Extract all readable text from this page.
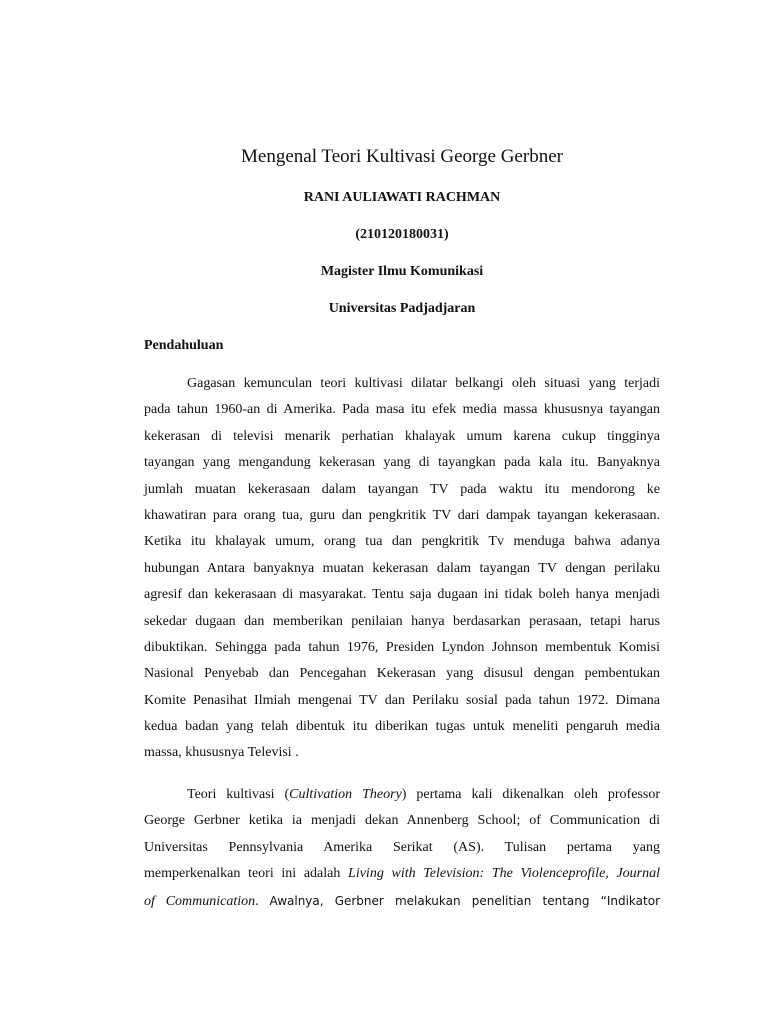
Mengenal Teori Kultivasi George Gerbner

RANI AULIAWATI RACHMAN

(210120180031)

Magister Ilmu Komunikasi

Universitas Padjadjaran

Pendahuluan

Gagasan kemunculan teori kultivasi dilatar belkangi oleh situasi yang terjadi
pada tahun 1960-an di Amerika. Pada masa itu efek media massa khususnya tayangan
kekerasan di televisi menarik perhatian khalayak umum karena cukup tingginya
tayangan yang mengandung kekerasan yang di tayangkan pada kala itu. Banyaknya
jumlah muatan kekerasaan dalam tayangan TV pada waktu itu mendorong ke
khawatiran para orang tua, guru dan pengkritik TV dari dampak tayangan kekerasaan.
Ketika itu khalayak umum, orang tua dan pengkritik Tv menduga bahwa adanya
hubungan Antara banyaknya muatan kekerasan dalam tayangan TV dengan perilaku
agresif dan kekerasaan di masyarakat. Tentu saja dugaan ini tidak boleh hanya menjadi
sekedar dugaan dan memberikan penilaian hanya berdasarkan perasaan, tetapi harus
dibuktikan. Sehingga pada tahun 1976, Presiden Lyndon Johnson membentuk Komisi
Nasional Penyebab dan Pencegahan Kekerasan yang disusul dengan pembentukan
Komite Penasihat Ilmiah mengenai TV dan Perilaku sosial pada tahun 1972. Dimana
kedua badan yang telah dibentuk itu diberikan tugas untuk meneliti pengaruh media
massa, khususnya Televisi .
Teori kultivasi (Cultivation Theory) pertama kali dikenalkan oleh professor
George Gerbner ketika ia menjadi dekan Annenberg School; of Communication di
Universitas Pennsylvania Amerika Serikat (AS). Tulisan pertama yang
memperkenalkan teori ini adalah Living with Television: The Violenceprofile, Journal
of Communication. Awalnya, Gerbner melakukan penelitian tentang “Indikator
